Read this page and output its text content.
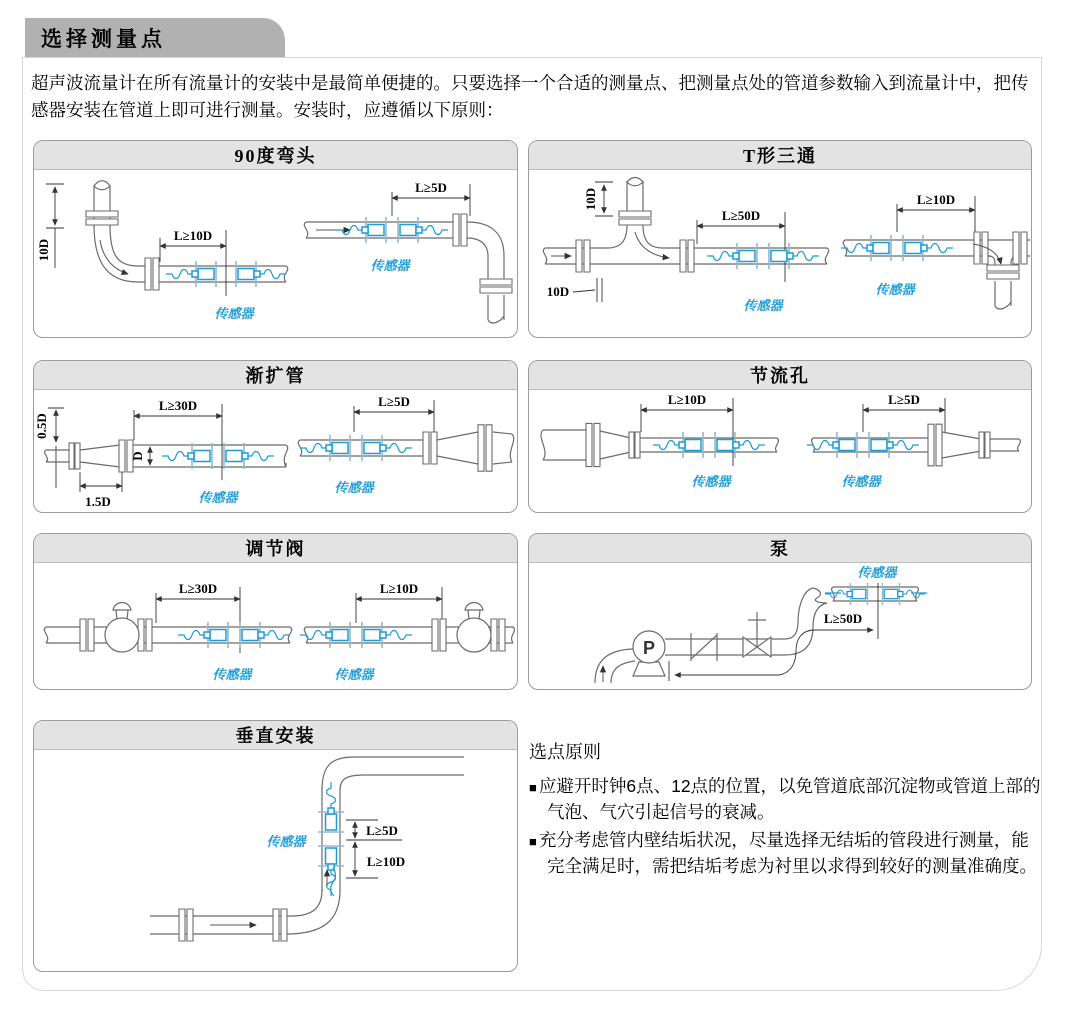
选择测量点
超声波流量计在所有流量计的安装中是最简单便捷的。只要选择一个合适的测量点、把测量点处的管道参数输入到流量计中，把传感器安装在管道上即可进行测量。安装时，应遵循以下原则：
90度弯头
10D
L≥10D
传感器
传感器
L≥5D
T形三通
10D
L≥50D
传感器
10D	传感器
L≥10D
渐扩管
0.5D
L≥30D
D
1.5D	传感器
传感器
L≥5D
节流孔
L≥10D
传感器	传感器
L≥5D
调节阀
L≥30D
传感器	传感器
L≥10D
泵
P
传感器
L≥50D
垂直安装
传感器
L≥5D
L≥10D
选点原则
■ 应避开时钟6点、12点的位置，以免管道底部沉淀物或管道上部的气泡、气穴引起信号的衰减。
■ 充分考虑管内壁结垢状况，尽量选择无结垢的管段进行测量，能完全满足时，需把结垢考虑为衬里以求得到较好的测量准确度。
